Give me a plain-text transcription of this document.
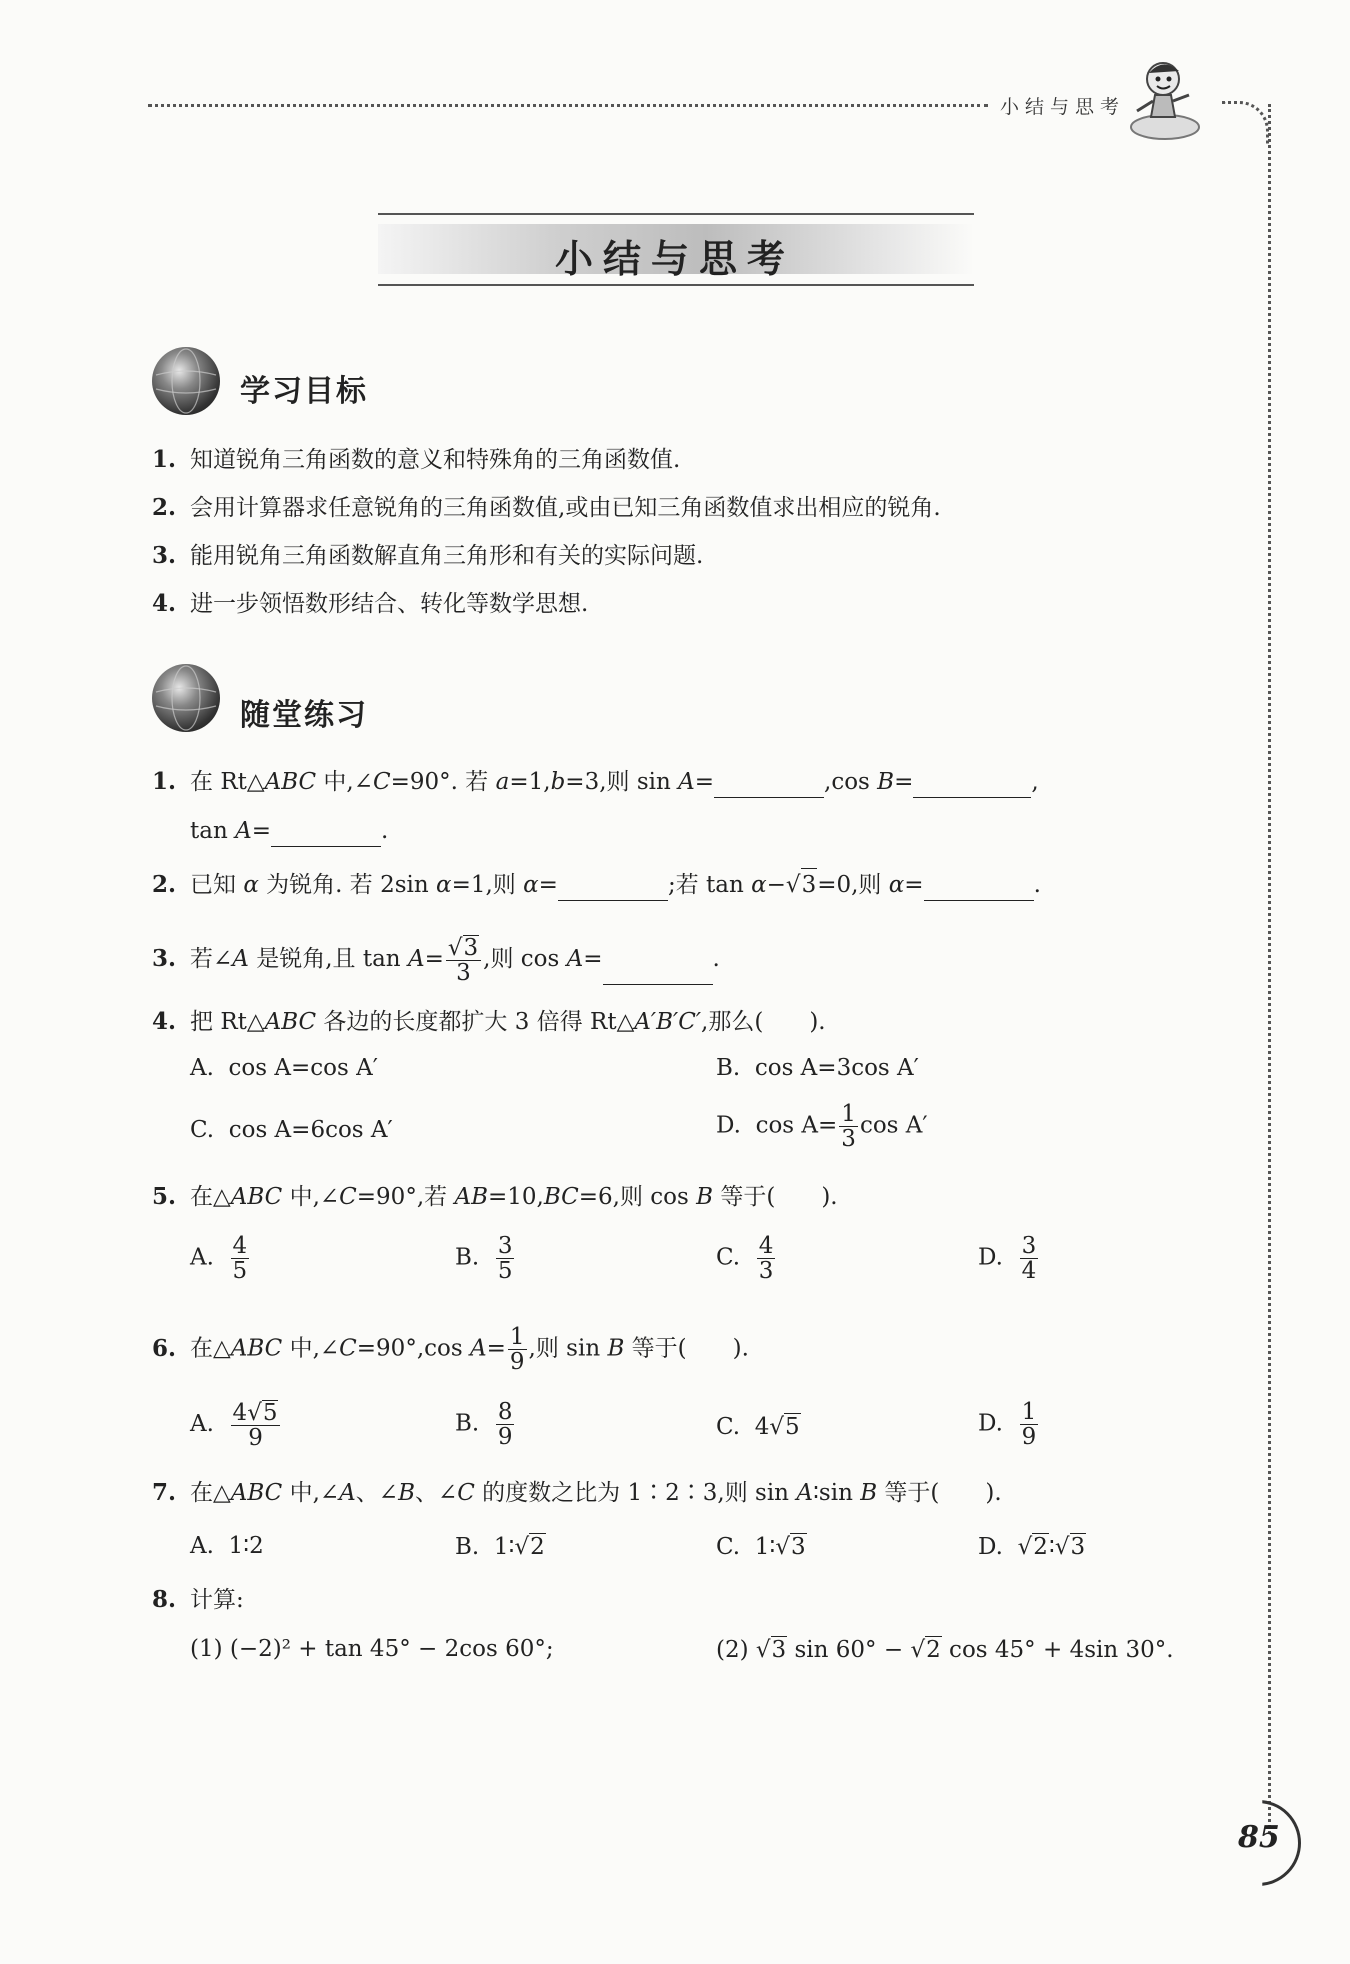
小结与思考
85
小结与思考
学习目标
1. 知道锐角三角函数的意义和特殊角的三角函数值.
2. 会用计算器求任意锐角的三角函数值,或由已知三角函数值求出相应的锐角.
3. 能用锐角三角函数解直角三角形和有关的实际问题.
4. 进一步领悟数形结合、转化等数学思想.
随堂练习
1. 在 Rt△ABC 中,∠C=90°. 若 a=1,b=3,则 sin A=	,cos B=	,
tan A=	.
2. 已知 α 为锐角. 若 2sin α=1,则 α=	;若 tan α−√3=0,则 α=	.
3. 若∠A 是锐角,且 $\tan A= \frac{√3}{3}$ ,则 cos A=	.
4. 把 Rt△ABC 各边的长度都扩大 3 倍得 Rt△A′B′C′,那么(　　).
A. cos A=cos A′	B. cos A=3cos A′
C. cos A=6cos A′	D. $\cos A= \frac{1}{3}$ cos A′
5. 在△ABC 中,∠C=90°,若 AB=10,BC=6,则 cos B 等于(　　).
A. $\frac{4}{5}$	B. $\frac{3}{5}$	C. $\frac{4}{3}$	D. $\frac{3}{4}$
6. 在△ABC 中,∠C=90°,cos $A= \frac{1}{9}$ ,则 sin B 等于(　　).
A. $\frac{4√5}{9}$	B. $\frac{8}{9}$	C. 4√5	D. $\frac{1}{9}$
7. 在△ABC 中,∠A、∠B、∠C 的度数之比为 1∶2∶3,则 sin A∶sin B 等于(　　).
A. 1∶2	B. 1∶√2	C. 1∶√3	D. √2∶√3
8. 计算:
(1) (−2)² + tan 45° − 2cos 60°;	(2) √3 sin 60° − √2 cos 45° + 4sin 30°.
